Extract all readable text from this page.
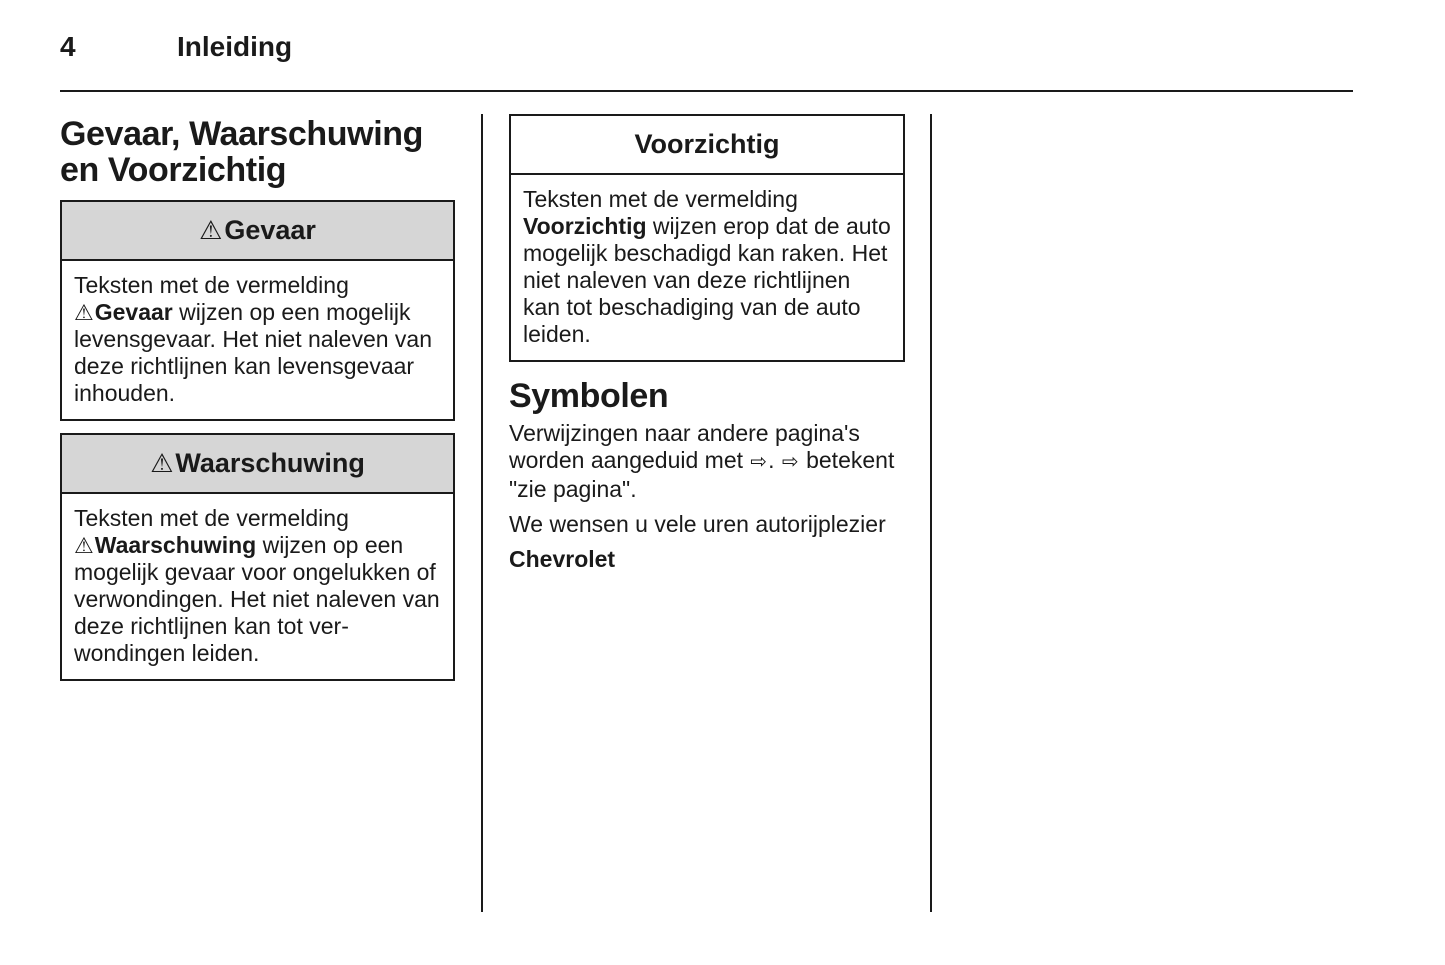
4	Inleiding
Gevaar, Waarschuwing en Voorzichtig
⚠ Gevaar
Teksten met de vermelding
⚠Gevaar wijzen op een mogelijk levensgevaar. Het niet naleven van deze richtlijnen kan levensgevaar inhouden.
⚠ Waarschuwing
Teksten met de vermelding
⚠Waarschuwing wijzen op een mogelijk gevaar voor ongelukken of verwondingen. Het niet naleven van deze richtlijnen kan tot verwondingen leiden.
Voorzichtig
Teksten met de vermelding Voorzichtig wijzen erop dat de auto mogelijk beschadigd kan raken. Het niet naleven van deze richtlijnen kan tot beschadiging van de auto leiden.
Symbolen

Verwijzingen naar andere pagina's worden aangeduid met ⇨. ⇨ betekent "zie pagina".

We wensen u vele uren autorijplezier

Chevrolet
